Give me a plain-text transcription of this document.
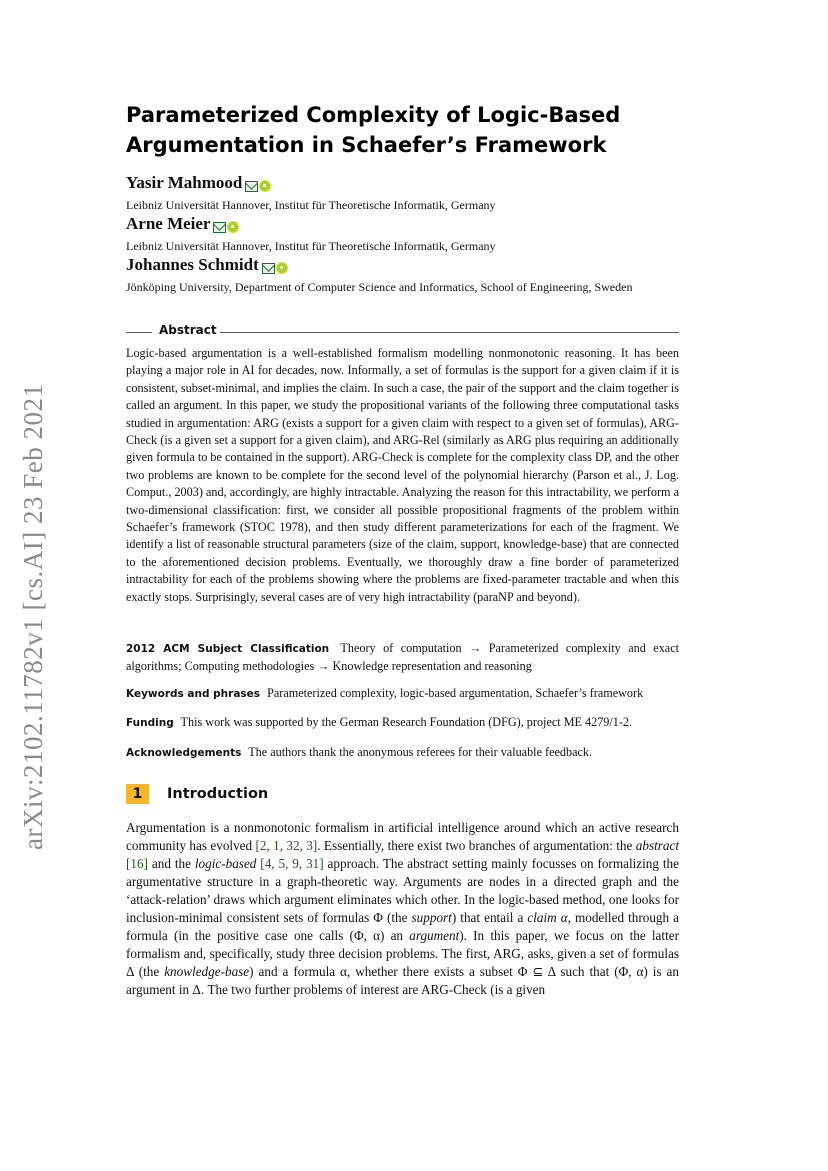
arXiv:2102.11782v1 [cs.AI] 23 Feb 2021
Parameterized Complexity of Logic-Based Argumentation in Schaefer’s Framework
Yasir Mahmood
Leibniz Universität Hannover, Institut für Theoretische Informatik, Germany
Arne Meier
Leibniz Universität Hannover, Institut für Theoretische Informatik, Germany
Johannes Schmidt
Jönköping University, Department of Computer Science and Informatics, School of Engineering, Sweden
Abstract
Logic-based argumentation is a well-established formalism modelling nonmonotonic reasoning. It has been playing a major role in AI for decades, now. Informally, a set of formulas is the support for a given claim if it is consistent, subset-minimal, and implies the claim. In such a case, the pair of the support and the claim together is called an argument. In this paper, we study the propositional variants of the following three computational tasks studied in argumentation: ARG (exists a support for a given claim with respect to a given set of formulas), ARG-Check (is a given set a support for a given claim), and ARG-Rel (similarly as ARG plus requiring an additionally given formula to be contained in the support). ARG-Check is complete for the complexity class DP, and the other two problems are known to be complete for the second level of the polynomial hierarchy (Parson et al., J. Log. Comput., 2003) and, accordingly, are highly intractable. Analyzing the reason for this intractability, we perform a two-dimensional classification: first, we consider all possible propositional fragments of the problem within Schaefer’s framework (STOC 1978), and then study different parameterizations for each of the fragment. We identify a list of reasonable structural parameters (size of the claim, support, knowledge-base) that are connected to the aforementioned decision problems. Eventually, we thoroughly draw a fine border of parameterized intractability for each of the problems showing where the problems are fixed-parameter tractable and when this exactly stops. Surprisingly, several cases are of very high intractability (paraNP and beyond).
2012 ACM Subject Classification Theory of computation → Parameterized complexity and exact algorithms; Computing methodologies → Knowledge representation and reasoning
Keywords and phrases Parameterized complexity, logic-based argumentation, Schaefer’s framework
Funding This work was supported by the German Research Foundation (DFG), project ME 4279/1-2.
Acknowledgements The authors thank the anonymous referees for their valuable feedback.
1	Introduction
Argumentation is a nonmonotonic formalism in artificial intelligence around which an active research community has evolved [2, 1, 32, 3]. Essentially, there exist two branches of argumentation: the abstract [16] and the logic-based [4, 5, 9, 31] approach. The abstract setting mainly focusses on formalizing the argumentative structure in a graph-theoretic way. Arguments are nodes in a directed graph and the ‘attack-relation’ draws which argument eliminates which other. In the logic-based method, one looks for inclusion-minimal consistent sets of formulas Φ (the support) that entail a claim α, modelled through a formula (in the positive case one calls (Φ, α) an argument). In this paper, we focus on the latter formalism and, specifically, study three decision problems. The first, ARG, asks, given a set of formulas Δ (the knowledge-base) and a formula α, whether there exists a subset Φ ⊆ Δ such that (Φ, α) is an argument in Δ. The two further problems of interest are ARG-Check (is a given
